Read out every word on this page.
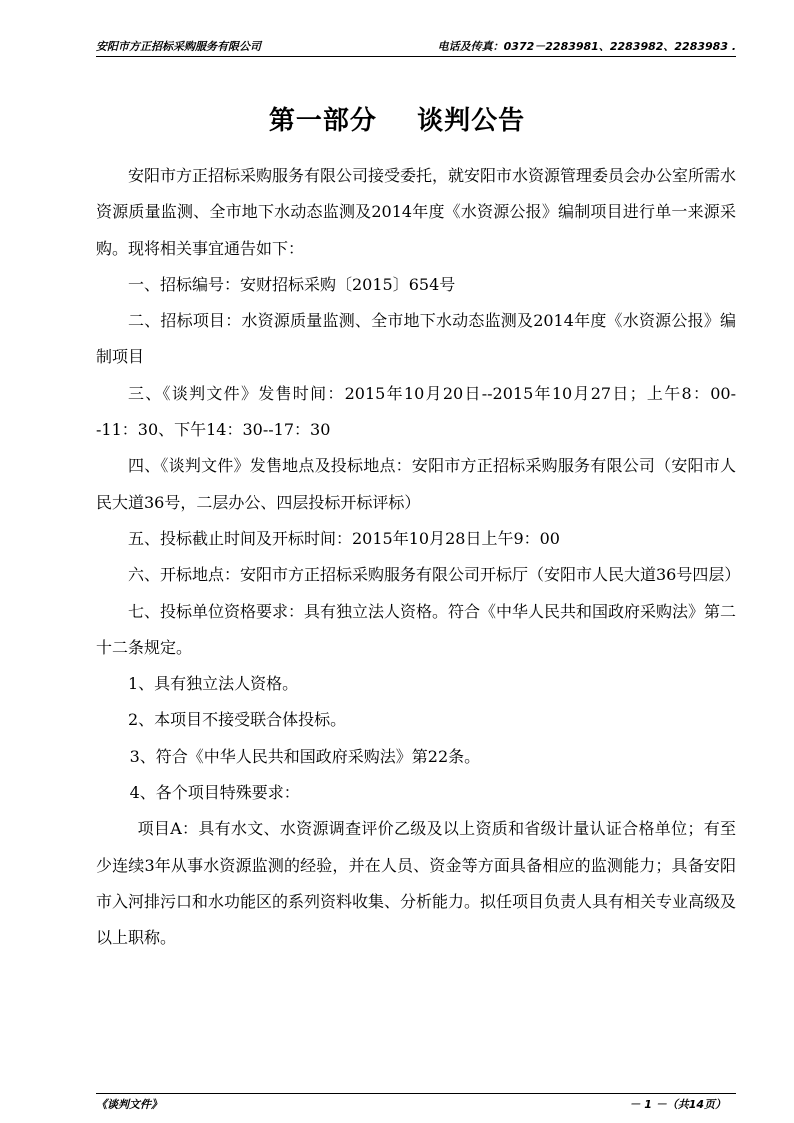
安阳市方正招标采购服务有限公司	电话及传真：0372－2283981、2283982、2283983 .
第一部分    谈判公告

安阳市方正招标采购服务有限公司接受委托，就安阳市水资源管理委员会办公室所需水资源质量监测、全市地下水动态监测及2014年度《水资源公报》编制项目进行单一来源采购。现将相关事宜通告如下：

一、招标编号：安财招标采购〔2015〕654号

二、招标项目：水资源质量监测、全市地下水动态监测及2014年度《水资源公报》编制项目

三、《谈判文件》发售时间：2015年10月20日--2015年10月27日；上午8：00--11：30、下午14：30--17：30

四、《谈判文件》发售地点及投标地点：安阳市方正招标采购服务有限公司（安阳市人民大道36号，二层办公、四层投标开标评标）

五、投标截止时间及开标时间：2015年10月28日上午9：00

六、开标地点：安阳市方正招标采购服务有限公司开标厅（安阳市人民大道36号四层）

七、投标单位资格要求：具有独立法人资格。符合《中华人民共和国政府采购法》第二十二条规定。

1、具有独立法人资格。

2、本项目不接受联合体投标。

3、符合《中华人民共和国政府采购法》第22条。

4、各个项目特殊要求：

项目A：具有水文、水资源调查评价乙级及以上资质和省级计量认证合格单位；有至少连续3年从事水资源监测的经验，并在人员、资金等方面具备相应的监测能力；具备安阳市入河排污口和水功能区的系列资料收集、分析能力。拟任项目负责人具有相关专业高级及以上职称。

《谈判文件》	－ 1 －（共14页）
